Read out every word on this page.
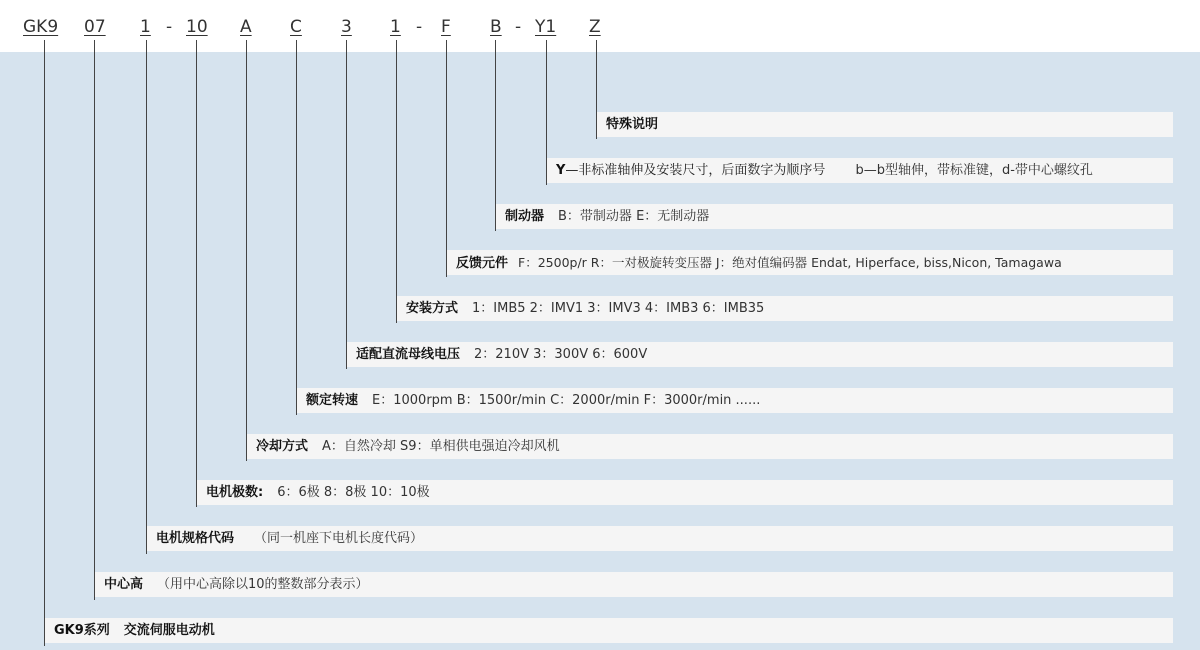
GK9 07 1 - 10 A C 3 1 - F B - Y1 Z
特殊说明
Y—非标准轴伸及安装尺寸，后面数字为顺序号 b—b型轴伸，带标准键，d-带中心螺纹孔
制动器 B：带制动器 E：无制动器
反馈元件 F：2500p/r R：一对极旋转变压器 J：绝对值编码器 Endat, Hiperface, biss,Nicon, Tamagawa
安装方式 1：IMB5 2：IMV1 3：IMV3 4：IMB3 6：IMB35
适配直流母线电压 2：210V 3：300V 6：600V
额定转速 E：1000rpm B：1500r/min C：2000r/min F：3000r/min ......
冷却方式 A：自然冷却 S9：单相供电强迫冷却风机
电机极数: 6：6极 8：8极 10：10极
电机规格代码 （同一机座下电机长度代码）
中心高 （用中心高除以10的整数部分表示）
GK9系列 交流伺服电动机
